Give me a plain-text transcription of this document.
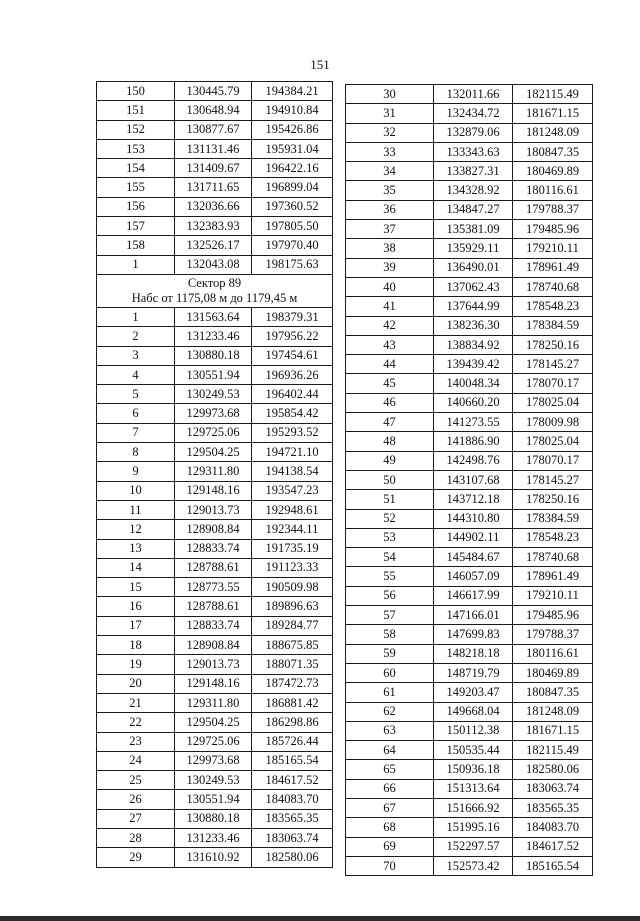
151
150	130445.79	194384.21
151	130648.94	194910.84
152	130877.67	195426.86
153	131131.46	195931.04
154	131409.67	196422.16
155	131711.65	196899.04
156	132036.66	197360.52
157	132383.93	197805.50
158	132526.17	197970.40
1	132043.08	198175.63

Сектор 89
Набс от 1175,08 м до 1179,45 м		

1	131563.64	198379.31
2	131233.46	197956.22
3	130880.18	197454.61
4	130551.94	196936.26
5	130249.53	196402.44
6	129973.68	195854.42
7	129725.06	195293.52
8	129504.25	194721.10
9	129311.80	194138.54
10	129148.16	193547.23
11	129013.73	192948.61
12	128908.84	192344.11
13	128833.74	191735.19
14	128788.61	191123.33
15	128773.55	190509.98
16	128788.61	189896.63
17	128833.74	189284.77
18	128908.84	188675.85
19	129013.73	188071.35
20	129148.16	187472.73
21	129311.80	186881.42
22	129504.25	186298.86
23	129725.06	185726.44
24	129973.68	185165.54
25	130249.53	184617.52
26	130551.94	184083.70
27	130880.18	183565.35
28	131233.46	183063.74
29	131610.92	182580.06
30	132011.66	182115.49
31	132434.72	181671.15
32	132879.06	181248.09
33	133343.63	180847.35
34	133827.31	180469.89
35	134328.92	180116.61
36	134847.27	179788.37
37	135381.09	179485.96
38	135929.11	179210.11
39	136490.01	178961.49
40	137062.43	178740.68
41	137644.99	178548.23
42	138236.30	178384.59
43	138834.92	178250.16
44	139439.42	178145.27
45	140048.34	178070.17
46	140660.20	178025.04
47	141273.55	178009.98
48	141886.90	178025.04
49	142498.76	178070.17
50	143107.68	178145.27
51	143712.18	178250.16
52	144310.80	178384.59
53	144902.11	178548.23
54	145484.67	178740.68
55	146057.09	178961.49
56	146617.99	179210.11
57	147166.01	179485.96
58	147699.83	179788.37
59	148218.18	180116.61
60	148719.79	180469.89
61	149203.47	180847.35
62	149668.04	181248.09
63	150112.38	181671.15
64	150535.44	182115.49
65	150936.18	182580.06
66	151313.64	183063.74
67	151666.92	183565.35
68	151995.16	184083.70
69	152297.57	184617.52
70	152573.42	185165.54
